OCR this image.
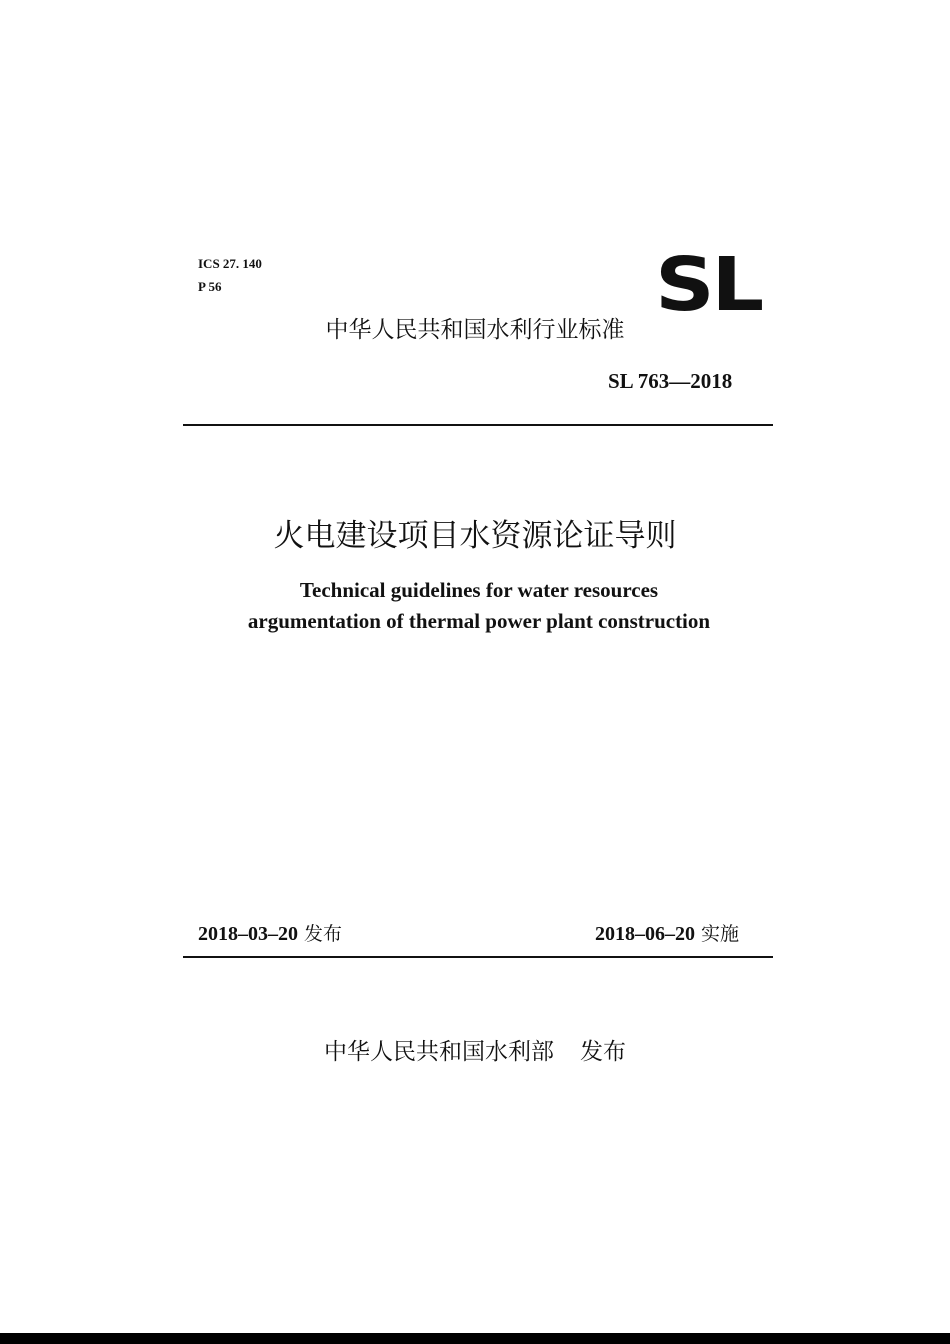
ICS 27. 140
P 56	SL
中华人民共和国水利行业标准
SL 763—2018
火电建设项目水资源论证导则
Technical guidelines for water resources
argumentation of thermal power plant construction
2018–03–20 发布	2018–06–20 实施
中华人民共和国水利部 发布
